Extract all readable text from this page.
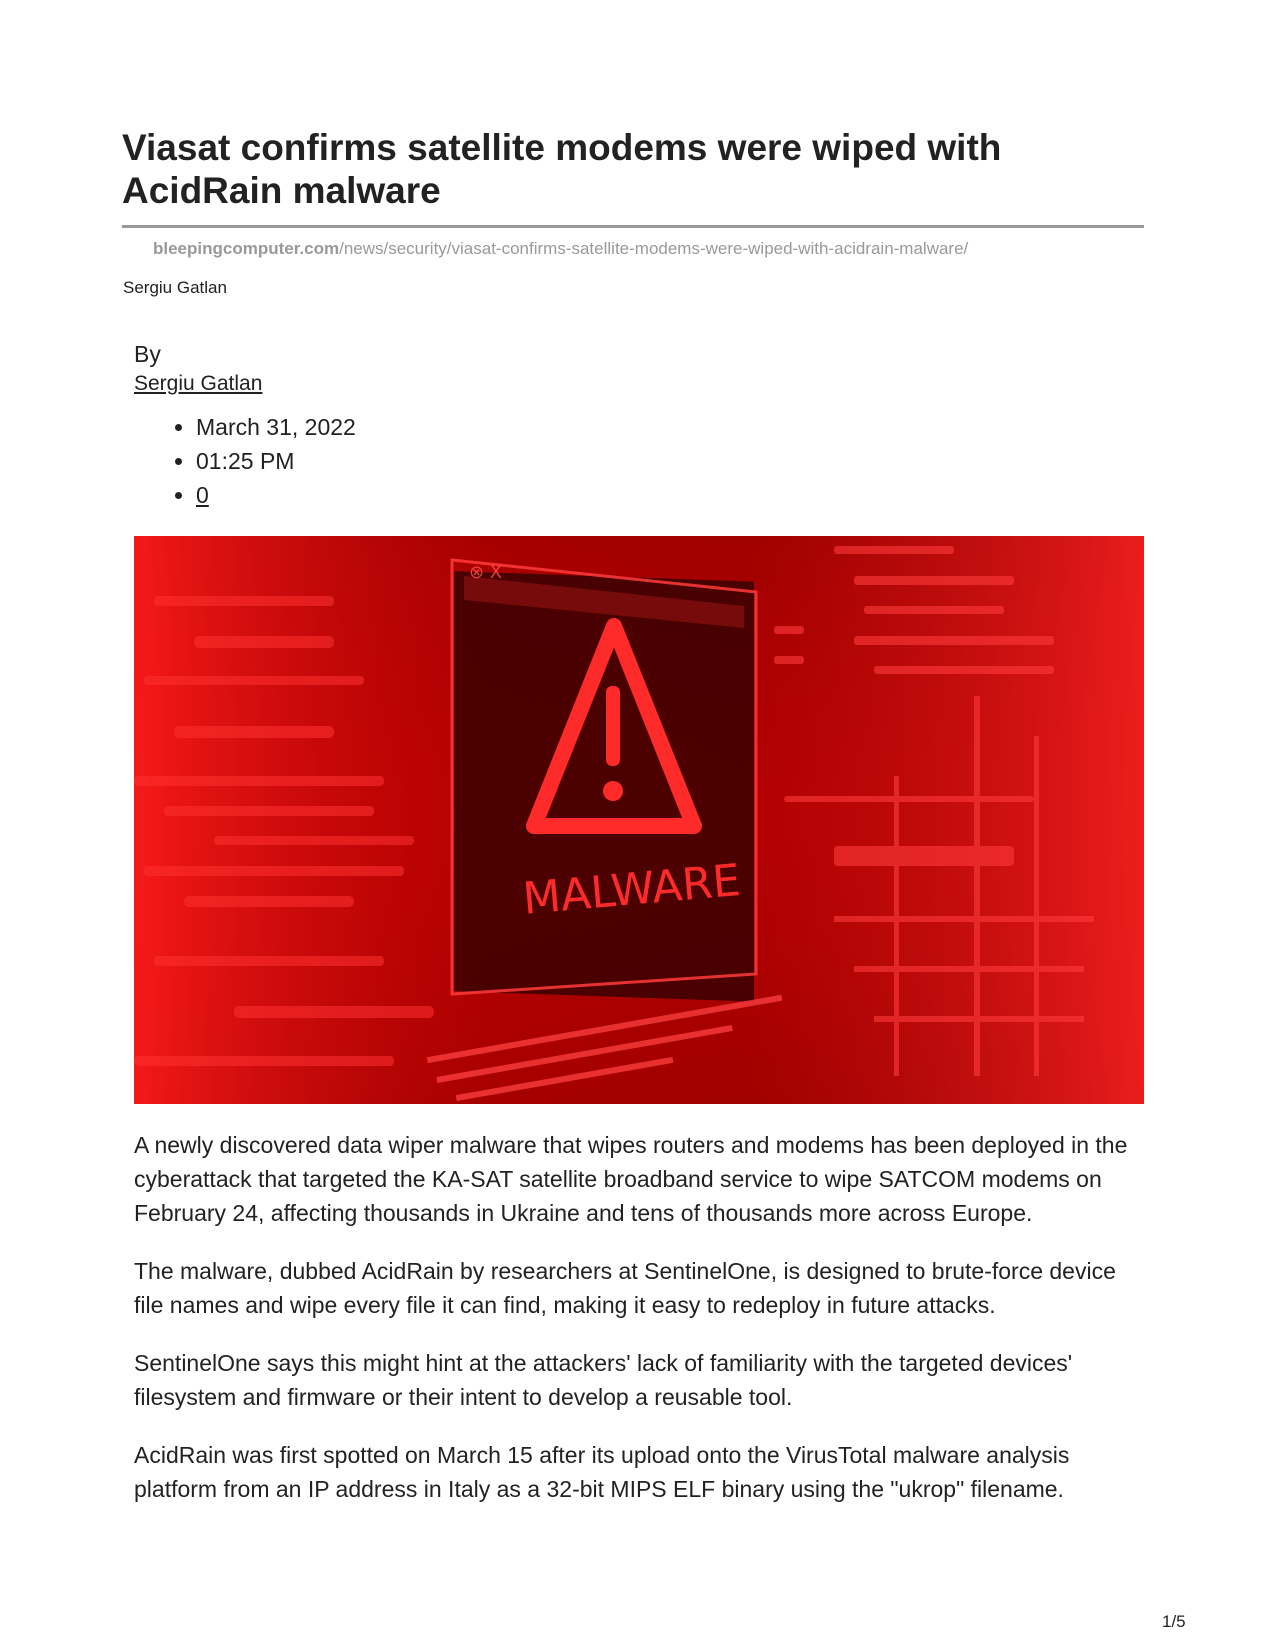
Viasat confirms satellite modems were wiped with AcidRain malware
bleepingcomputer.com/news/security/viasat-confirms-satellite-modems-were-wiped-with-acidrain-malware/
Sergiu Gatlan
By
Sergiu Gatlan
• March 31, 2022
• 01:25 PM
• 0
⊗ X
MALWARE

A newly discovered data wiper malware that wipes routers and modems has been deployed in the cyberattack that targeted the KA-SAT satellite broadband service to wipe SATCOM modems on February 24, affecting thousands in Ukraine and tens of thousands more across Europe.

The malware, dubbed AcidRain by researchers at SentinelOne, is designed to brute-force device file names and wipe every file it can find, making it easy to redeploy in future attacks.

SentinelOne says this might hint at the attackers' lack of familiarity with the targeted devices' filesystem and firmware or their intent to develop a reusable tool.

AcidRain was first spotted on March 15 after its upload onto the VirusTotal malware analysis platform from an IP address in Italy as a 32-bit MIPS ELF binary using the "ukrop" filename.

1/5
